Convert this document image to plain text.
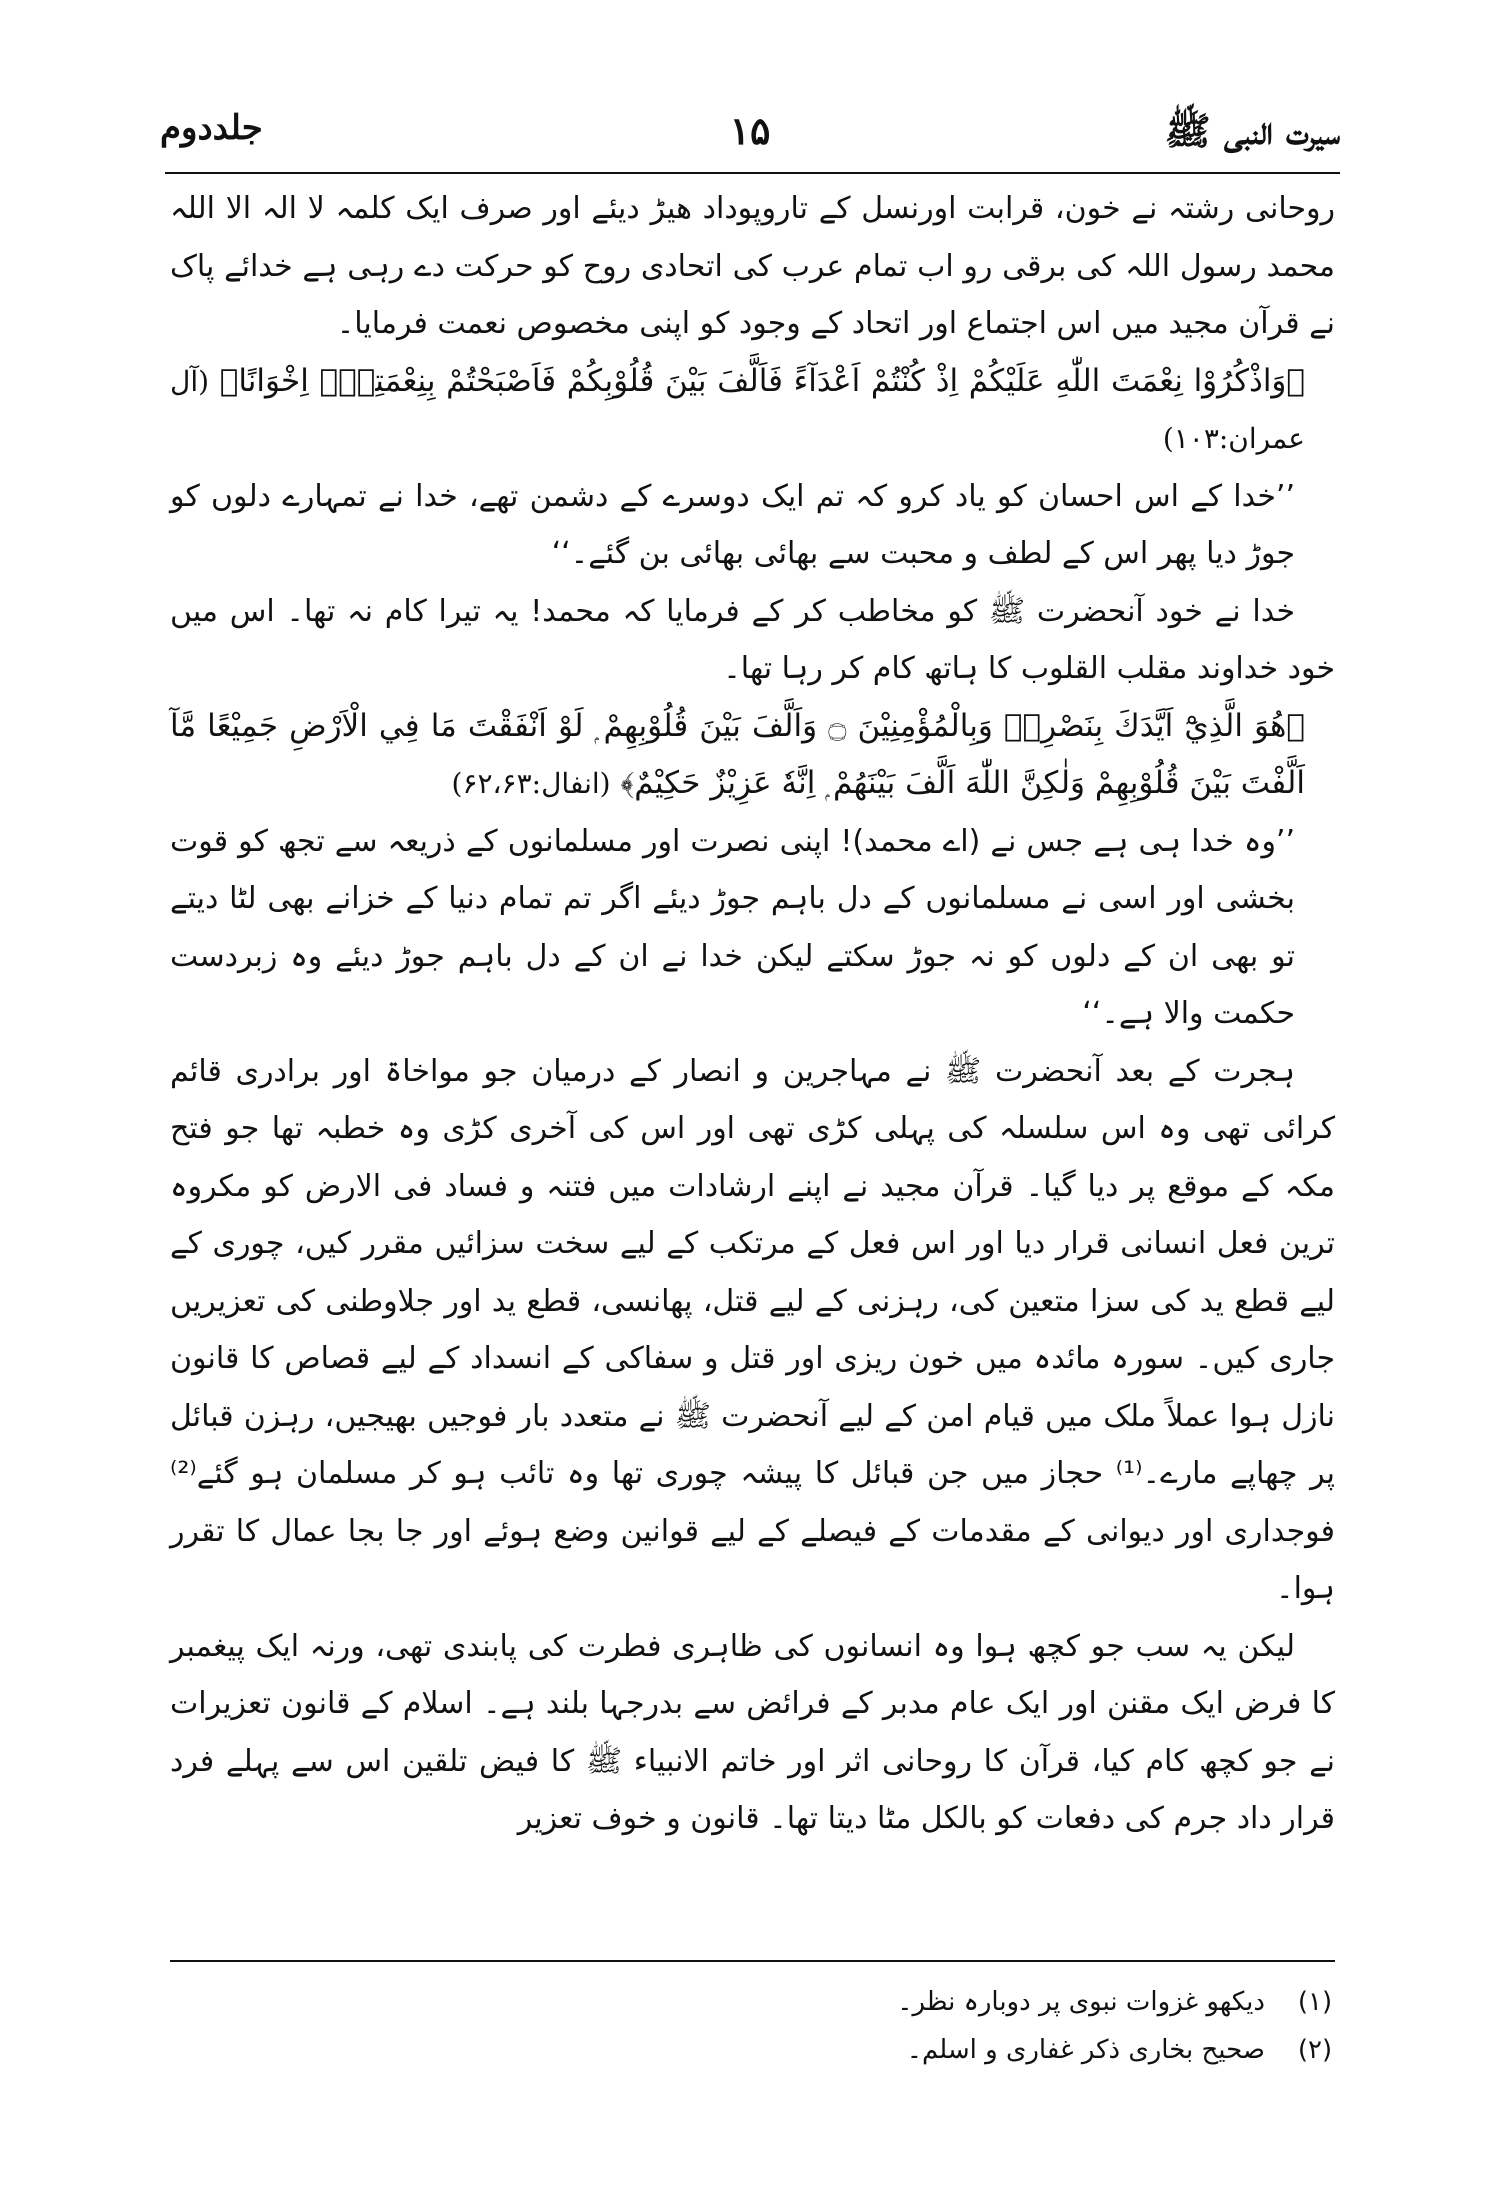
سیرت النبی ﷺ
۱۵
جلددوم

روحانی رشتہ نے خون، قرابت اورنسل کے تاروپوداد ھیڑ دیئے اور صرف ایک کلمہ لا الہ الا اللہ محمد رسول اللہ کی برقی رو اب تمام عرب کی اتحادی روح کو حرکت دے رہی ہے خدائے پاک نے قرآن مجید میں اس اجتماع اور اتحاد کے وجود کو اپنی مخصوص نعمت فرمایا۔

﴿وَاذْكُرُوْا نِعْمَتَ اللّٰهِ عَلَيْكُمْ اِذْ كُنْتُمْ اَعْدَآءً فَاَلَّفَ بَيْنَ قُلُوْبِكُمْ فَاَصْبَحْتُمْ بِنِعْمَتِهٖٓ اِخْوَانًا﴾ (آل عمران:۱۰۳)

’’خدا کے اس احسان کو یاد کرو کہ تم ایک دوسرے کے دشمن تھے، خدا نے تمہارے دلوں کو جوڑ دیا پھر اس کے لطف و محبت سے بھائی بھائی بن گئے۔‘‘

خدا نے خود آنحضرت ﷺ کو مخاطب کر کے فرمایا کہ محمد! یہ تیرا کام نہ تھا۔ اس میں خود خداوند مقلب القلوب کا ہاتھ کام کر رہا تھا۔

﴿هُوَ الَّذِيْٓ اَيَّدَكَ بِنَصْرِهٖ وَبِالْمُؤْمِنِيْنَ ۝ وَاَلَّفَ بَيْنَ قُلُوْبِهِمْ ۭ لَوْ اَنْفَقْتَ مَا فِي الْاَرْضِ جَمِيْعًا مَّآ اَلَّفْتَ بَيْنَ قُلُوْبِهِمْ وَلٰكِنَّ اللّٰهَ اَلَّفَ بَيْنَهُمْ ۭ اِنَّهٗ عَزِيْزٌ حَكِيْمٌ﴾ (انفال:۶۲،۶۳)

’’وہ خدا ہی ہے جس نے (اے محمد)! اپنی نصرت اور مسلمانوں کے ذریعہ سے تجھ کو قوت بخشی اور اسی نے مسلمانوں کے دل باہم جوڑ دیئے اگر تم تمام دنیا کے خزانے بھی لٹا دیتے تو بھی ان کے دلوں کو نہ جوڑ سکتے لیکن خدا نے ان کے دل باہم جوڑ دیئے وہ زبردست حکمت والا ہے۔‘‘

ہجرت کے بعد آنحضرت ﷺ نے مہاجرین و انصار کے درمیان جو مواخاۃ اور برادری قائم کرائی تھی وہ اس سلسلہ کی پہلی کڑی تھی اور اس کی آخری کڑی وہ خطبہ تھا جو فتح مکہ کے موقع پر دیا گیا۔ قرآن مجید نے اپنے ارشادات میں فتنہ و فساد فی الارض کو مکروہ ترین فعل انسانی قرار دیا اور اس فعل کے مرتکب کے لیے سخت سزائیں مقرر کیں، چوری کے لیے قطع ید کی سزا متعین کی، رہزنی کے لیے قتل، پھانسی، قطع ید اور جلاوطنی کی تعزیریں جاری کیں۔ سورہ مائدہ میں خون ریزی اور قتل و سفاکی کے انسداد کے لیے قصاص کا قانون نازل ہوا عملاً ملک میں قیام امن کے لیے آنحضرت ﷺ نے متعدد بار فوجیں بھیجیں، رہزن قبائل پر چھاپے مارے۔⁽¹⁾ حجاز میں جن قبائل کا پیشہ چوری تھا وہ تائب ہو کر مسلمان ہو گئے⁽²⁾ فوجداری اور دیوانی کے مقدمات کے فیصلے کے لیے قوانین وضع ہوئے اور جا بجا عمال کا تقرر ہوا۔

لیکن یہ سب جو کچھ ہوا وہ انسانوں کی ظاہری فطرت کی پابندی تھی، ورنہ ایک پیغمبر کا فرض ایک مقنن اور ایک عام مدبر کے فرائض سے بدرجہا بلند ہے۔ اسلام کے قانون تعزیرات نے جو کچھ کام کیا، قرآن کا روحانی اثر اور خاتم الانبیاء ﷺ کا فیض تلقین اس سے پہلے فرد قرار داد جرم کی دفعات کو بالکل مٹا دیتا تھا۔ قانون و خوف تعزیر

(۱)
دیکھو غزوات نبوی پر دوبارہ نظر۔
(۲)
صحیح بخاری ذکر غفاری و اسلم۔
